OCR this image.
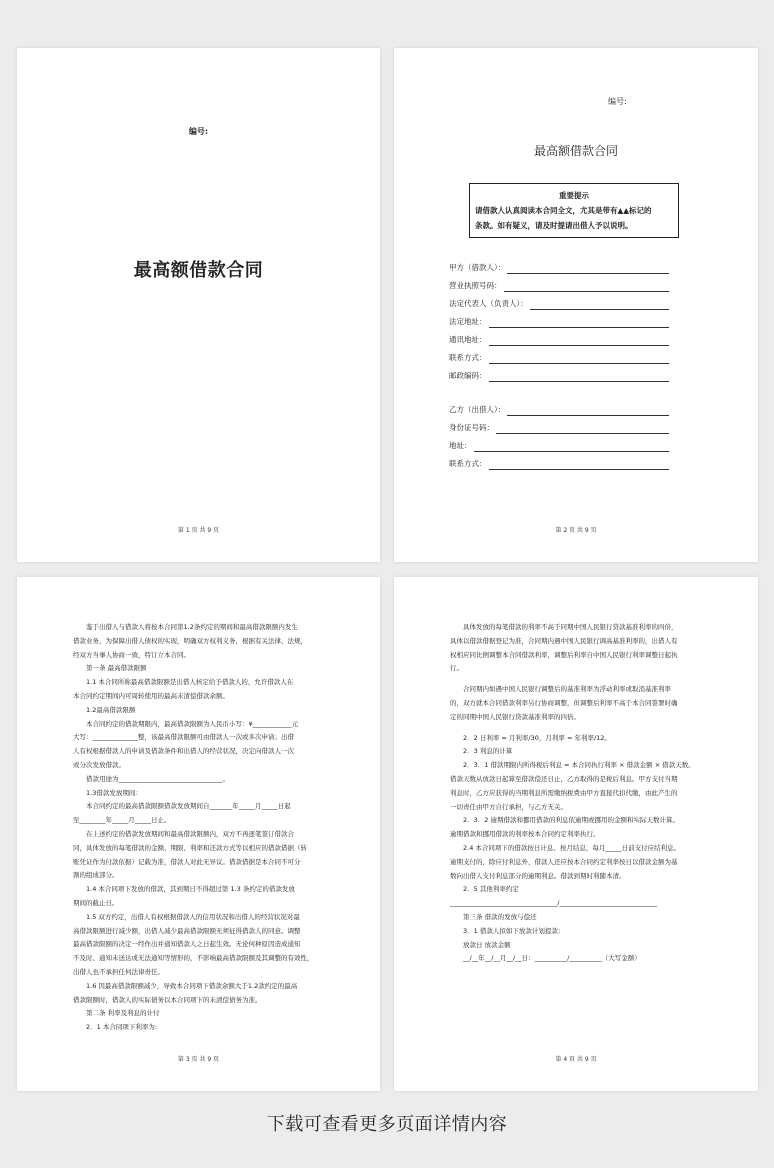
编号:
最高额借款合同
第 1 页 共 9 页
编号:
最高额借款合同
重要提示
请借款人认真阅读本合同全文，尤其是带有▲▲标记的
条款。如有疑义，请及时提请出借人予以说明。
甲方（借款人）：
营业执照号码：
法定代表人（负责人）：
法定地址：
通讯地址：
联系方式：
邮政编码：
乙方（出借人）：
身份证号码：
地址：
联系方式：
第 2 页 共 9 页

鉴于出借人与借款人将按本合同第1.2条约定的期间和最高借款限额内发生

借款业务，为保障出借人债权的实现，明确双方权利义务，根据有关法律、法规，

经双方当事人协商一致，特订立本合同。

第一条 最高借款限额

1.1 本合同所称最高借款限额是出借人核定给予借款人的，允许借款人在

本合同约定期间内可周转使用的最高未清偿借款余额。

1.2最高借款限额

本合同约定的借款期限内，最高借款限额为人民币小写：¥____________元

大写：______________整，该最高借款限额可由借款人一次或多次申请；出借

人有权根据借款人的申请及借款条件和出借人的经营状况，决定向借款人一次

或分次发放借款。

借款用途为________________________________。

1.3借款发放期间：

本合同约定的最高借款限额借款发放期间自_______年_____月_____日起

至________年_____月_____日止。

在上述约定的借款发放期间和最高借款限额内，双方不再逐笔签订借款合

同，具体发放的每笔借款的金额、期限、利率和还款方式等以相应的借款借据（转

账凭证作为付款依据）记载为准，借款人对此无异议。借款借据是本合同不可分

割的组成部分。

1.4 本合同项下发放的借款，其到期日不得超过第 1.3 条约定的借款发放

期间的截止日。

1.5 双方约定，出借人有权根据借款人的信用状况和出借人的经营状况对最

高借款限额进行减少额，出借人减少最高借款限额无须征得借款人的同意。调整

最高借款限额的决定一经作出并通知借款人之日起生效。无论何种原因造成通知

不及时、通知未送达或无法通知等情形的，不影响最高借款限额及其调整的有效性，

出借人也不承担任何法律责任。

1.6 因最高借款限额减少，导致本合同项下借款余额大于1.2款约定的最高

借款限额时，借款人的实际债务以本合同项下的未清偿债务为准。

第二条 利率及利息的计付

2．1 本合同项下利率为:

第 3 页 共 9 页

具体发放的每笔借款的利率不高于同期中国人民银行贷款基准利率的四倍，

具体以借款借据登记为准，合同期内遇中国人民银行调高基准利率的，出借人有

权相应同比例调整本合同借款利率，调整后利率自中国人民银行利率调整日起执

行。

合同期内如遇中国人民银行调整后的基准利率为浮动利率或取消基准利率

的，双方就本合同借款利率另行协商调整，但调整后利率不高于本合同签署时确

定的同期中国人民银行贷款基准利率的四倍。

2．2 日利率 = 月利率/30，月利率 = 年利率/12。

2．3 利息的计算

2．3．1 借款期限内所得税后利息 = 本合同执行利率 × 借款金额 × 借款天数。

借款天数从放款日起算至借款偿还日止，乙方取得的是税后利息。甲方支付当期

利息时，乙方应获得的当期利息所需缴纳税费由甲方直接代扣代缴，由此产生的

一切责任由甲方自行承担，与乙方无关。

2．3．2 逾期借款和挪用借款的利息依逾期或挪用的金额和实际天数计算。

逾期借款和挪用借款的利率按本合同约定利率执行。

2.4 本合同项下的借款按日计息、按月结息，每月_____日前支付应结利息。

逾期支付的，除应付利息外，借款人还应按本合同约定利率按日以借款金额为基

数向出借人支付利息部分的逾期利息。借款到期时利随本清。

2．5 其他利率约定

_________________________________/______________________________

第三条 借款的发放与偿还

3．1 借款人拟如下放款计划提款：

放款日 放款金额

__/__年__/__月__/__日：__________/__________（大写金额）

第 4 页 共 9 页
下载可查看更多页面详情内容
